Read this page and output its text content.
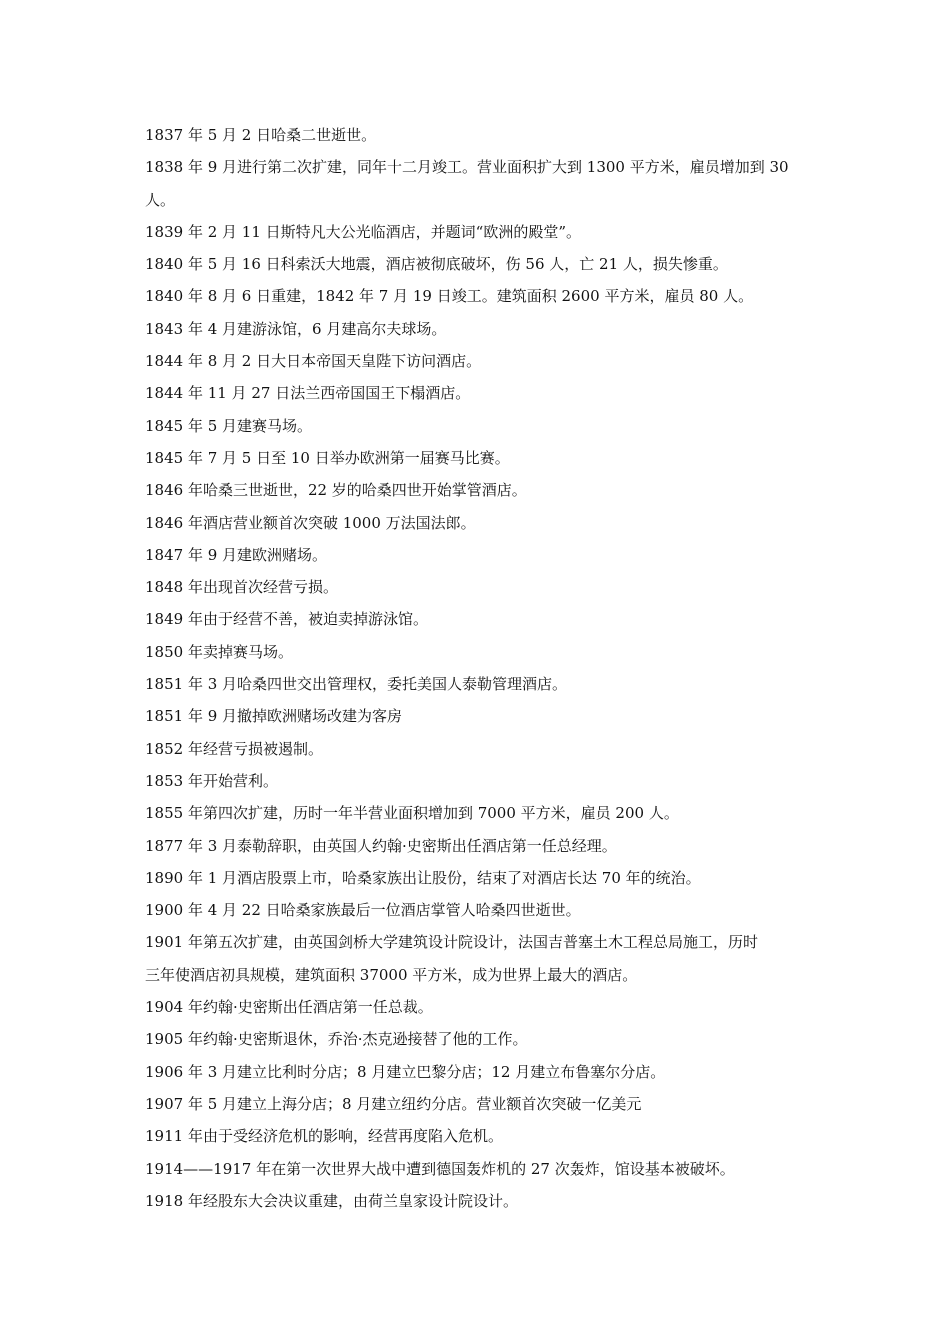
1837 年 5 月 2 日哈桑二世逝世。
1838 年 9 月进行第二次扩建，同年十二月竣工。营业面积扩大到 1300 平方米，雇员增加到 30
人。
1839 年 2 月 11 日斯特凡大公光临酒店，并题词“欧洲的殿堂”。
1840 年 5 月 16 日科索沃大地震，酒店被彻底破坏，伤 56 人，亡 21 人，损失惨重。
1840 年 8 月 6 日重建，1842 年 7 月 19 日竣工。建筑面积 2600 平方米，雇员 80 人。
1843 年 4 月建游泳馆，6 月建高尔夫球场。
1844 年 8 月 2 日大日本帝国天皇陛下访问酒店。
1844 年 11 月 27 日法兰西帝国国王下榻酒店。
1845 年 5 月建赛马场。
1845 年 7 月 5 日至 10 日举办欧洲第一届赛马比赛。
1846 年哈桑三世逝世，22 岁的哈桑四世开始掌管酒店。
1846 年酒店营业额首次突破 1000 万法国法郎。
1847 年 9 月建欧洲赌场。
1848 年出现首次经营亏损。
1849 年由于经营不善，被迫卖掉游泳馆。
1850 年卖掉赛马场。
1851 年 3 月哈桑四世交出管理权，委托美国人泰勒管理酒店。
1851 年 9 月撤掉欧洲赌场改建为客房
1852 年经营亏损被遏制。
1853 年开始营利。
1855 年第四次扩建，历时一年半营业面积增加到 7000 平方米，雇员 200 人。
1877 年 3 月泰勒辞职，由英国人约翰·史密斯出任酒店第一任总经理。
1890 年 1 月酒店股票上市，哈桑家族出让股份，结束了对酒店长达 70 年的统治。
1900 年 4 月 22 日哈桑家族最后一位酒店掌管人哈桑四世逝世。
1901 年第五次扩建，由英国剑桥大学建筑设计院设计，法国吉普塞土木工程总局施工，历时
三年使酒店初具规模，建筑面积 37000 平方米，成为世界上最大的酒店。
1904 年约翰·史密斯出任酒店第一任总裁。
1905 年约翰·史密斯退休，乔治·杰克逊接替了他的工作。
1906 年 3 月建立比利时分店；8 月建立巴黎分店；12 月建立布鲁塞尔分店。
1907 年 5 月建立上海分店；8 月建立纽约分店。营业额首次突破一亿美元
1911 年由于受经济危机的影响，经营再度陷入危机。
1914——1917 年在第一次世界大战中遭到德国轰炸机的 27 次轰炸，馆设基本被破坏。
1918 年经股东大会决议重建，由荷兰皇家设计院设计。
